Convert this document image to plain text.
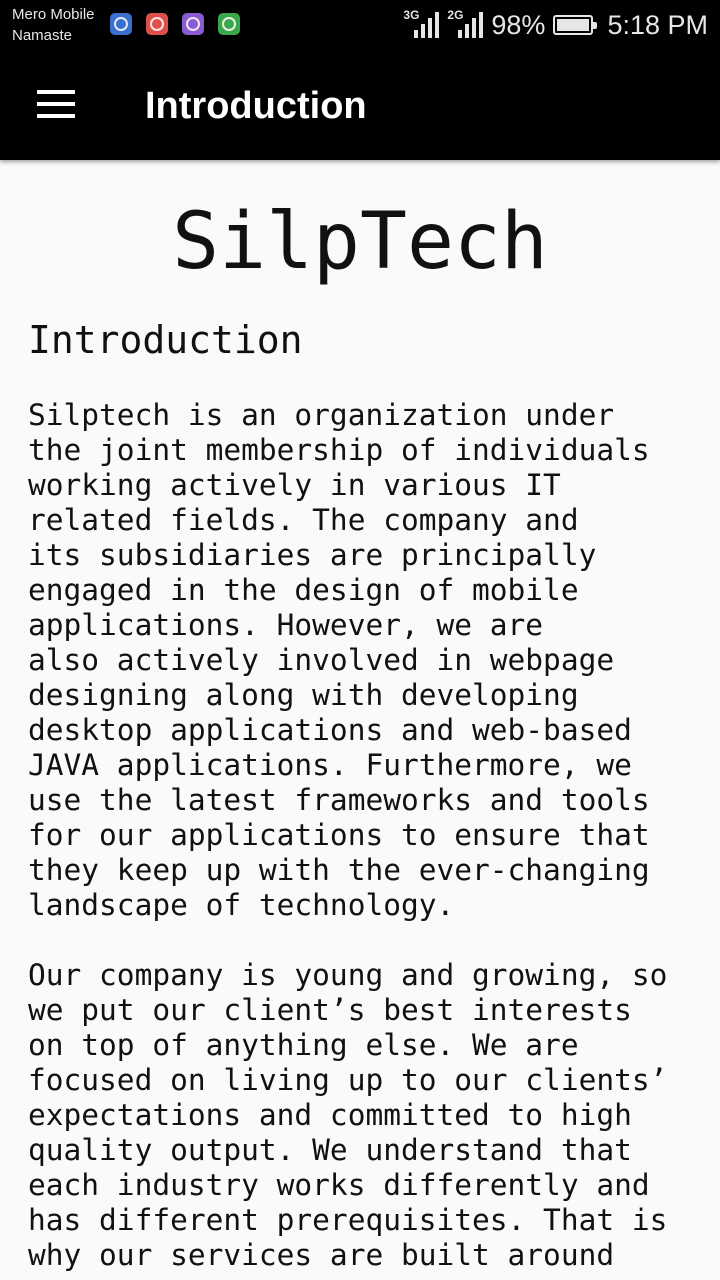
Mero Mobile
Namaste
3G 2G 98% 5:18 PM
Introduction
SilpTech
Introduction

Silptech is an organization under
the joint membership of individuals
working actively in various IT
related fields. The company and
its subsidiaries are principally
engaged in the design of mobile
applications. However, we are
also actively involved in webpage
designing along with developing
desktop applications and web-based
JAVA applications. Furthermore, we
use the latest frameworks and tools
for our applications to ensure that
they keep up with the ever-changing
landscape of technology.

Our company is young and growing, so
we put our client’s best interests
on top of anything else. We are
focused on living up to our clients’
expectations and committed to high
quality output. We understand that
each industry works differently and
has different prerequisites. That is
why our services are built around
